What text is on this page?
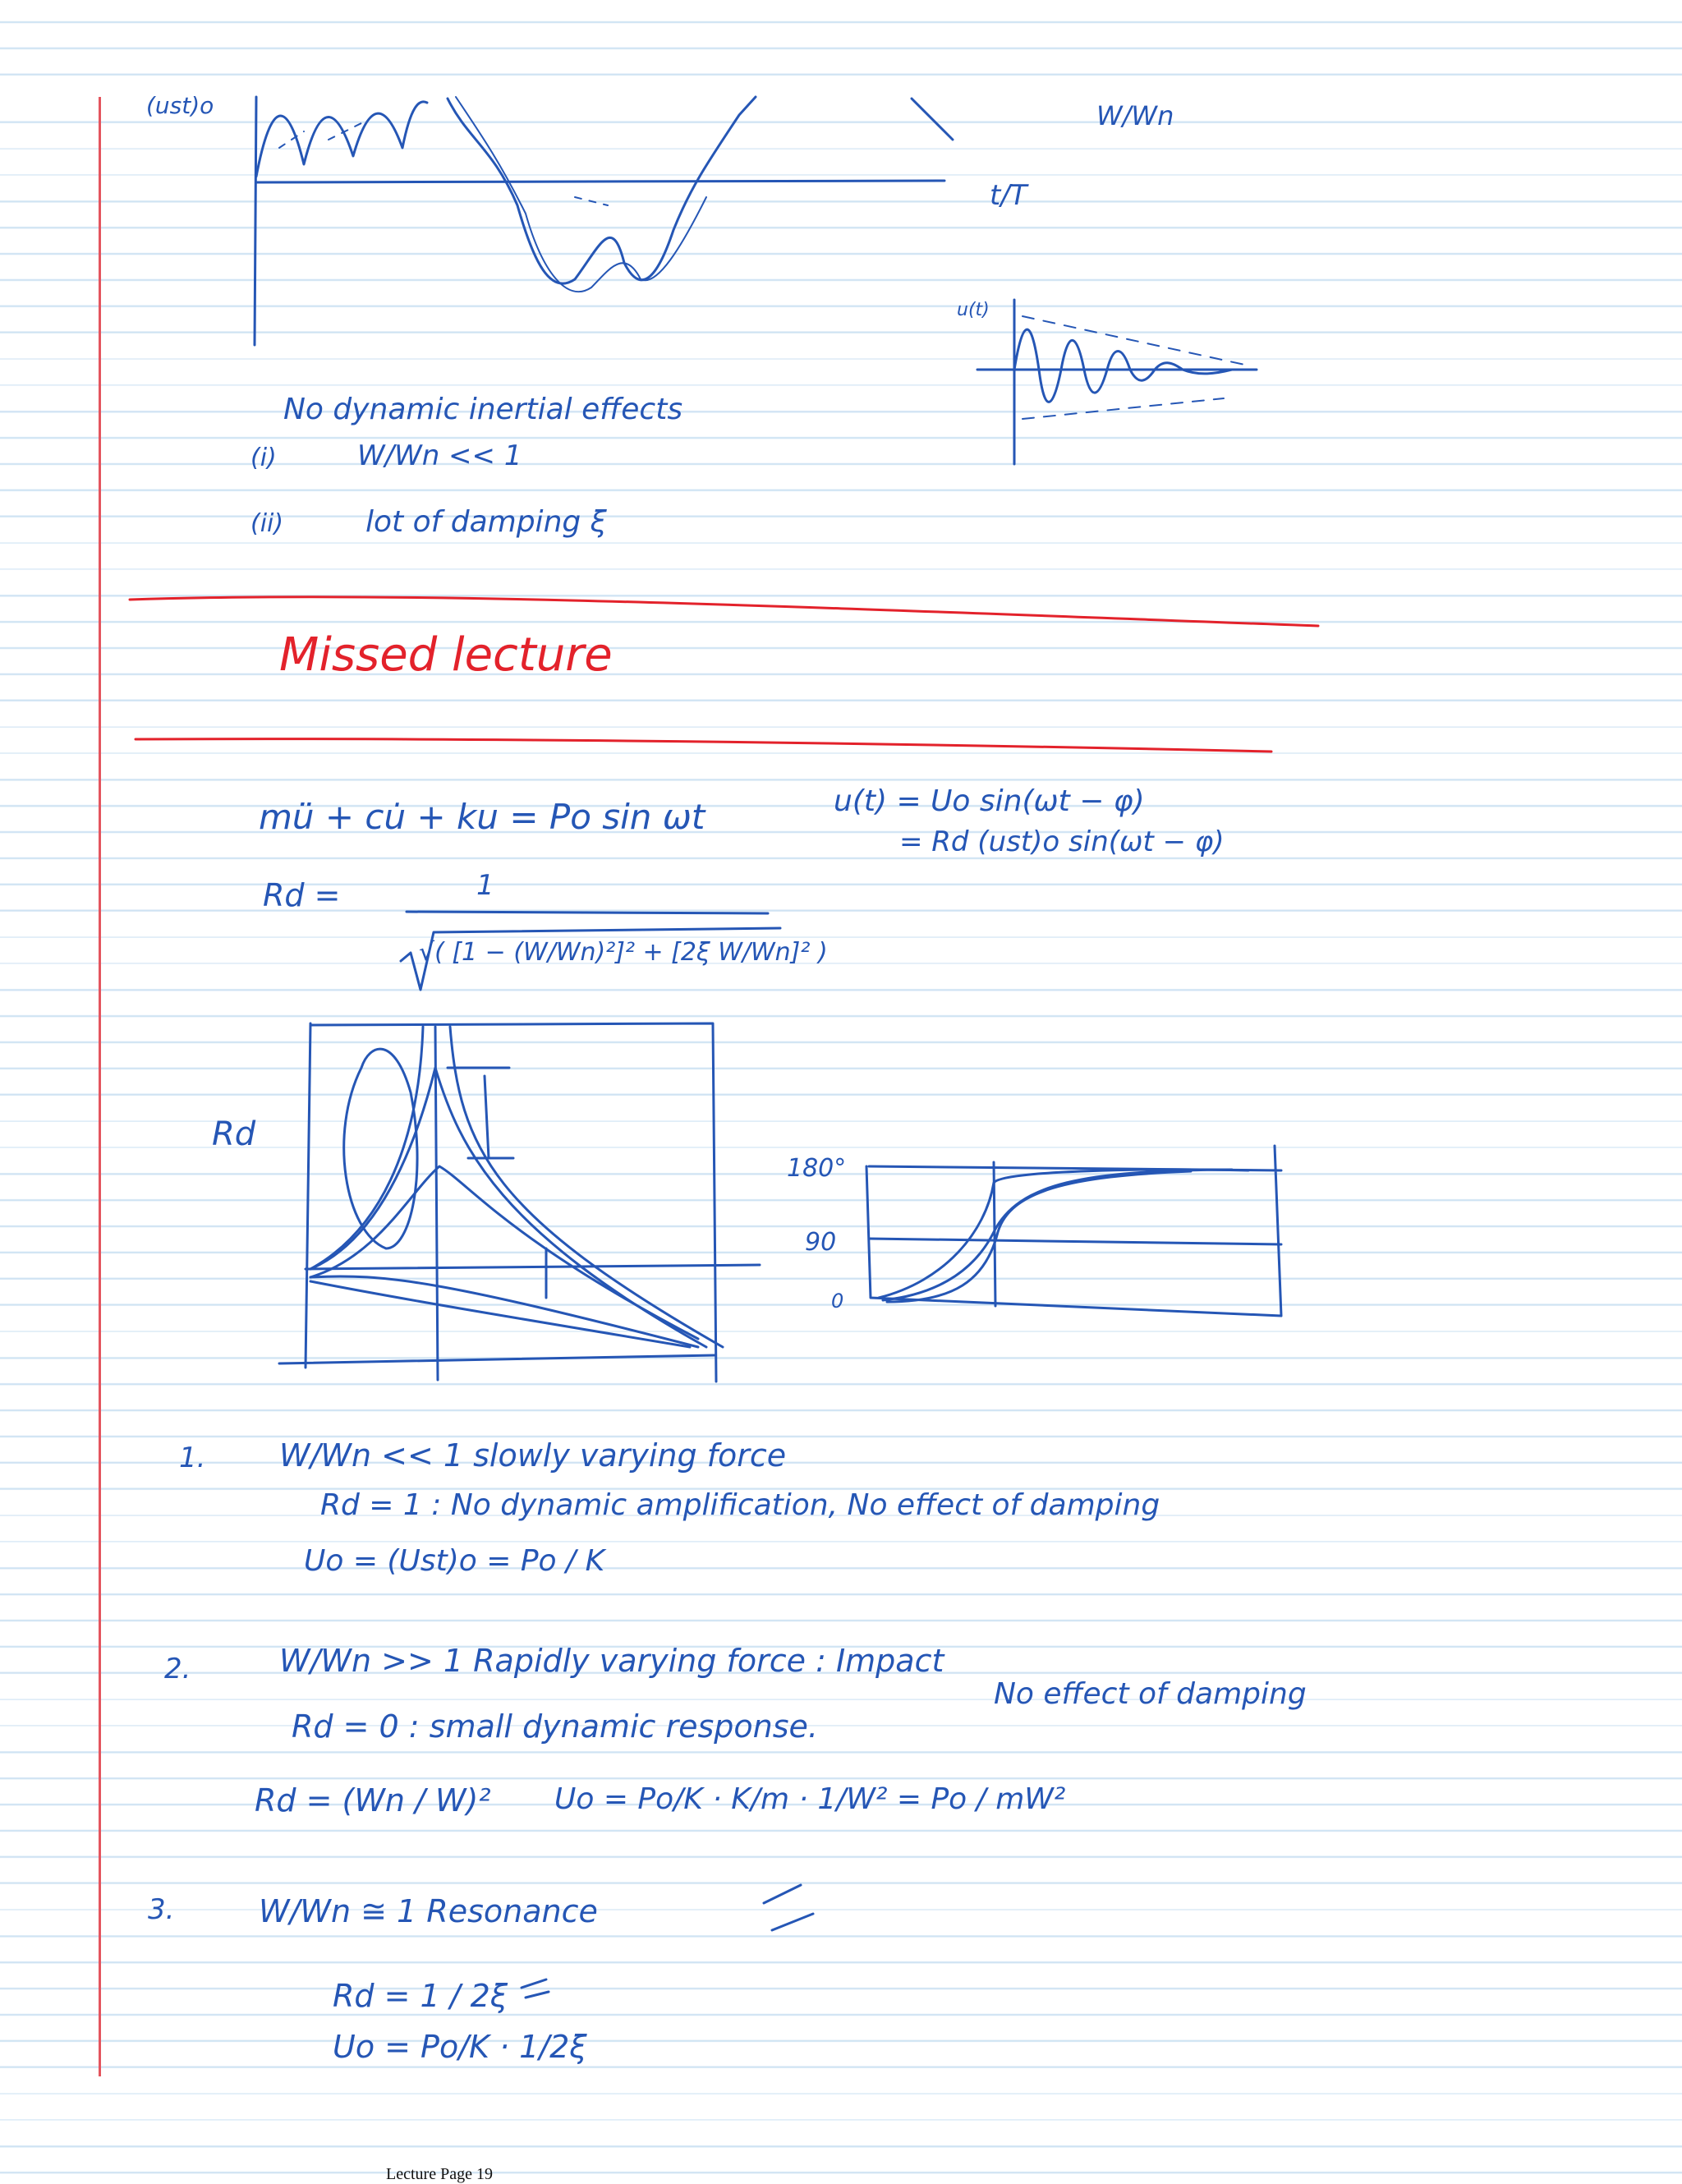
(ust)o	W/Wn
t/T
u(t)
No dynamic inertial effects
(i)	W/Wn << 1
(ii)	lot of damping ξ
Missed lecture
mü + cu̇ + ku = Po sin ωt	u(t) = Uo sin(ωt − φ)
= Rd (ust)o sin(ωt − φ)
Rd =	1
√( [1 − (W/Wn)²]² + [2ξ W/Wn]² )
Rd
180°
90
0
1. W/Wn << 1 slowly varying force
Rd = 1 : No dynamic amplification, No effect of damping
Uo = (Ust)o = Po / K
2.	W/Wn >> 1 Rapidly varying force : Impact
No effect of damping
Rd = 0 : small dynamic response.
Rd = (Wn / W)² Uo = Po/K · K/m · 1/W² = Po / mW²
3.	W/Wn ≅ 1 Resonance
Rd = 1 / 2ξ
Uo = Po/K · 1/2ξ
Lecture Page 19
